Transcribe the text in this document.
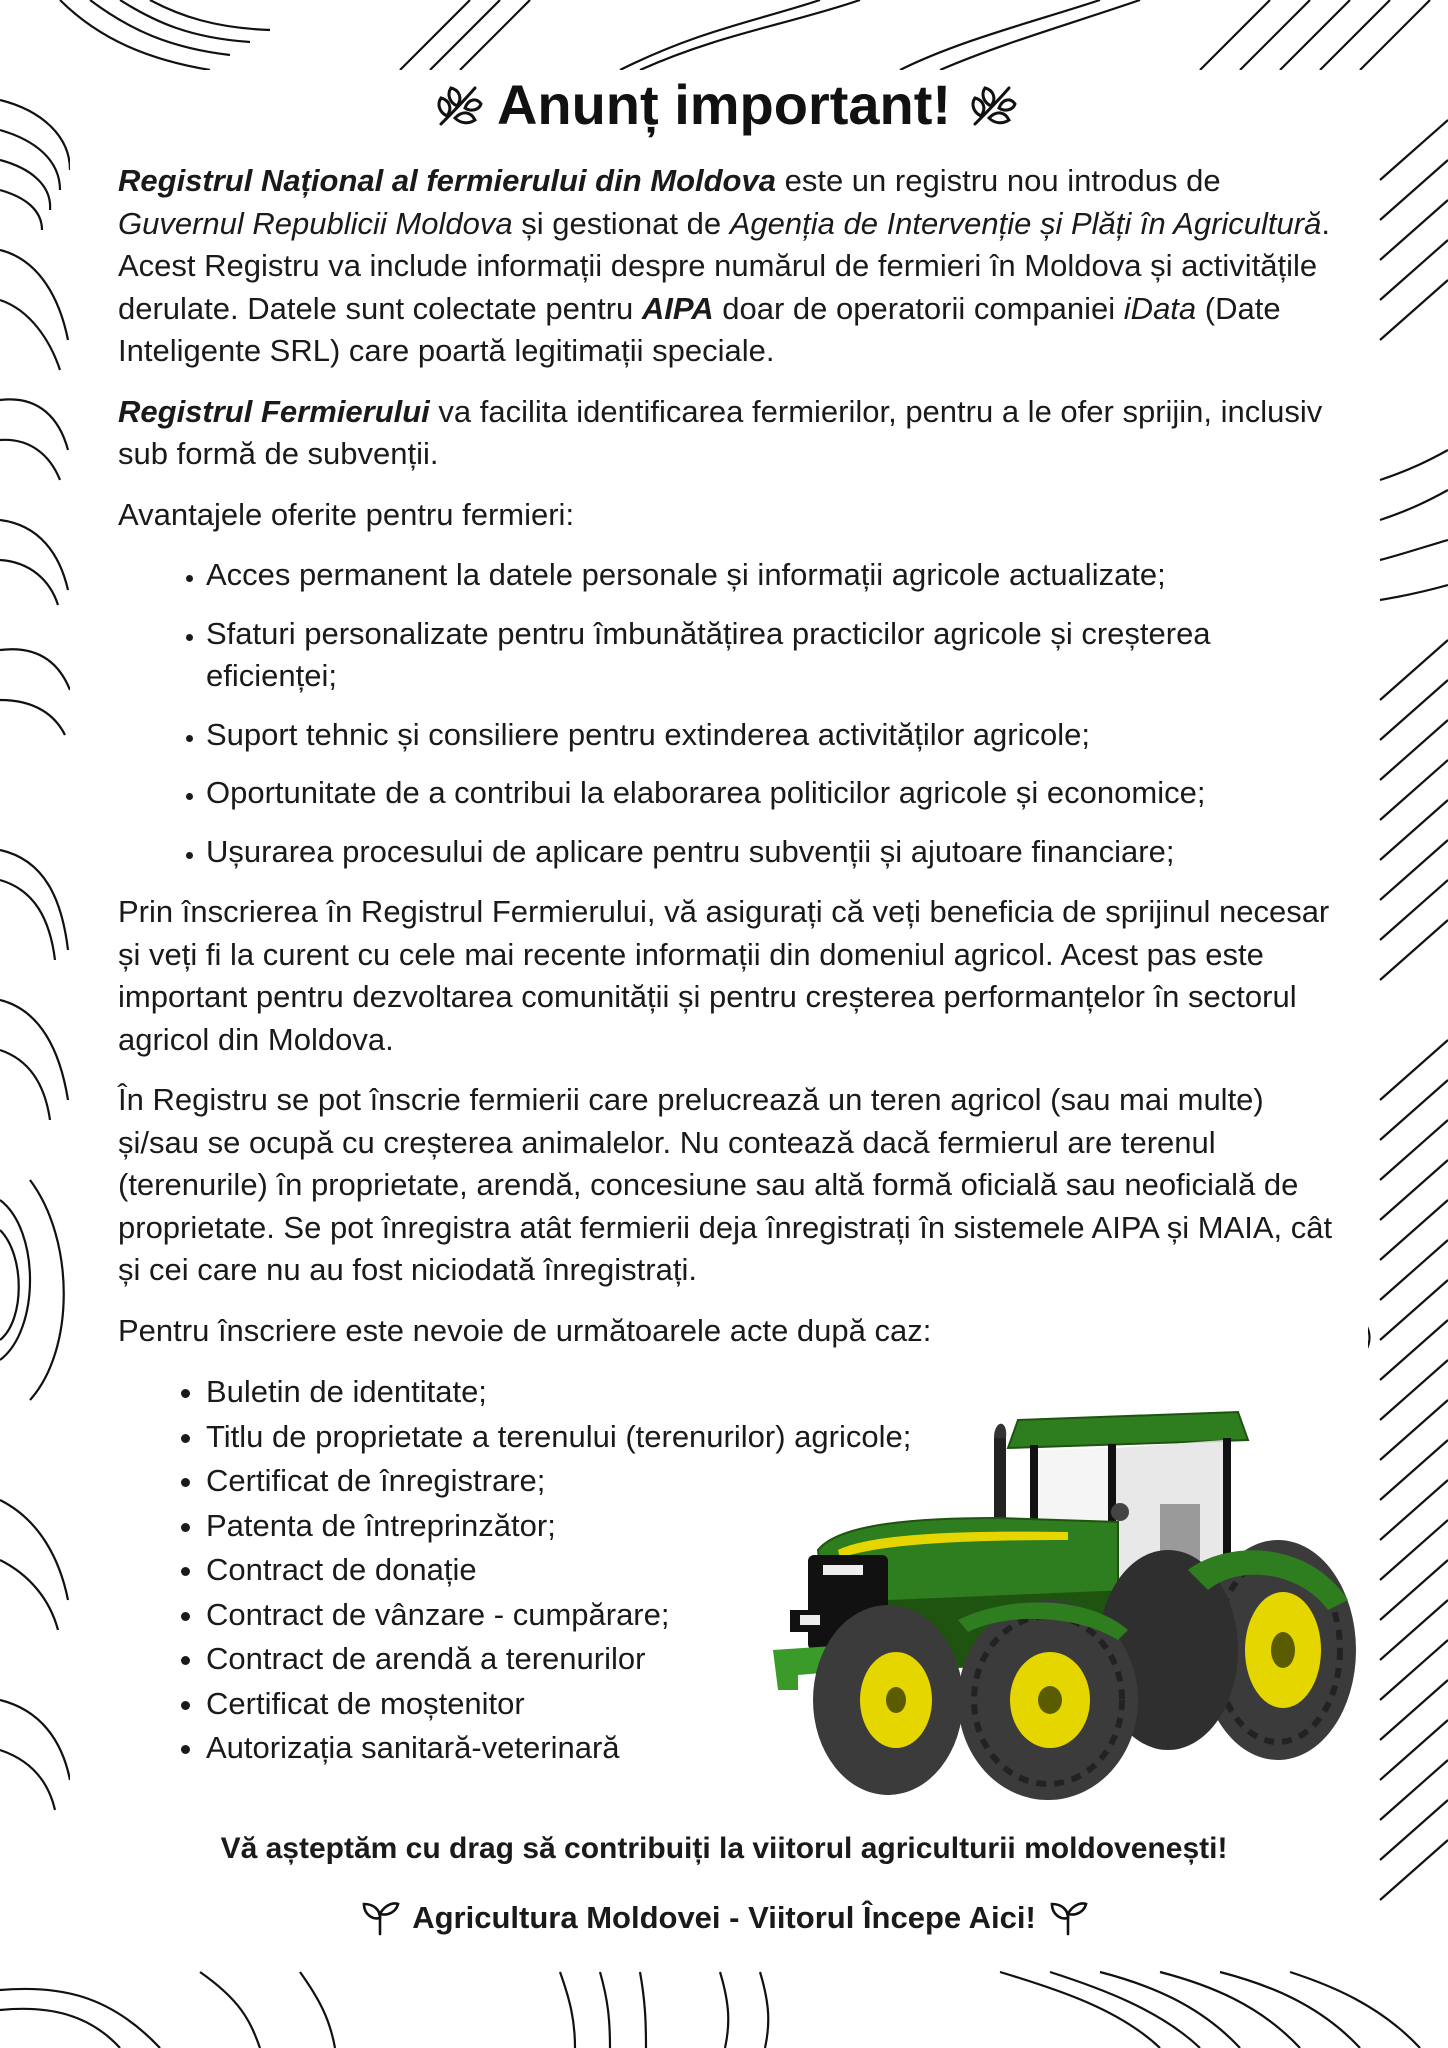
Anunț important!

Registrul Național al fermierului din Moldova este un registru nou introdus de Guvernul Republicii Moldova și gestionat de Agenția de Intervenție și Plăți în Agricultură. Acest Registru va include informații despre numărul de fermieri în Moldova și activitățile derulate. Datele sunt colectate pentru AIPA doar de operatorii companiei iData (Date Inteligente SRL) care poartă legitimații speciale.

Registrul Fermierului va facilita identificarea fermierilor, pentru a le ofer sprijin, inclusiv sub formă de subvenții.

Avantajele oferite pentru fermieri:

• Acces permanent la datele personale și informații agricole actualizate;
• Sfaturi personalizate pentru îmbunătățirea practicilor agricole și creșterea eficienței;
• Suport tehnic și consiliere pentru extinderea activităților agricole;
• Oportunitate de a contribui la elaborarea politicilor agricole și economice;
• Ușurarea procesului de aplicare pentru subvenții și ajutoare financiare;

Prin înscrierea în Registrul Fermierului, vă asigurați că veți beneficia de sprijinul necesar și veți fi la curent cu cele mai recente informații din domeniul agricol. Acest pas este important pentru dezvoltarea comunității și pentru creșterea performanțelor în sectorul agricol din Moldova.

În Registru se pot înscrie fermierii care prelucrează un teren agricol (sau mai multe) și/sau se ocupă cu creșterea animalelor. Nu contează dacă fermierul are terenul (terenurile) în proprietate, arendă, concesiune sau altă formă oficială sau neoficială de proprietate. Se pot înregistra atât fermierii deja înregistrați în sistemele AIPA și MAIA, cât și cei care nu au fost niciodată înregistrați.

Pentru înscriere este nevoie de următoarele acte după caz:

• Buletin de identitate;
• Titlu de proprietate a terenului (terenurilor) agricole;
• Certificat de înregistrare;
• Patenta de întreprinzător;
• Contract de donație
• Contract de vânzare - cumpărare;
• Contract de arendă a terenurilor
• Certificat de moștenitor
• Autorizația sanitară-veterinară
Vă așteptăm cu drag să contribuiți la viitorul agriculturii moldovenești!
Agricultura Moldovei - Viitorul Începe Aici!
